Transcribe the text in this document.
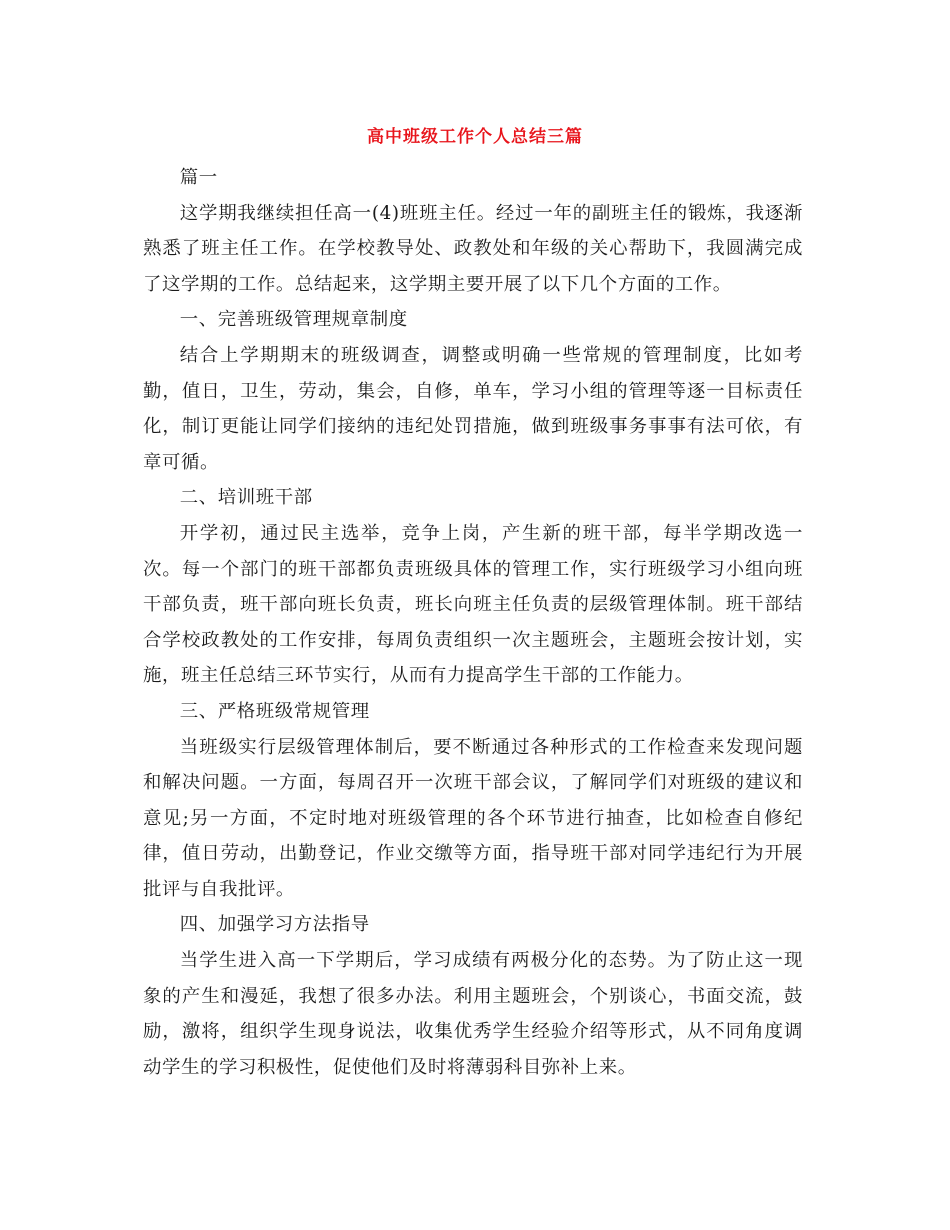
高中班级工作个人总结三篇

篇一

这学期我继续担任高一(4)班班主任。经过一年的副班主任的锻炼，我逐渐熟悉了班主任工作。在学校教导处、政教处和年级的关心帮助下，我圆满完成了这学期的工作。总结起来，这学期主要开展了以下几个方面的工作。

一、完善班级管理规章制度

结合上学期期末的班级调查，调整或明确一些常规的管理制度，比如考勤，值日，卫生，劳动，集会，自修，单车，学习小组的管理等逐一目标责任化，制订更能让同学们接纳的违纪处罚措施，做到班级事务事事有法可依，有章可循。

二、培训班干部

开学初，通过民主选举，竞争上岗，产生新的班干部，每半学期改选一次。每一个部门的班干部都负责班级具体的管理工作，实行班级学习小组向班干部负责，班干部向班长负责，班长向班主任负责的层级管理体制。班干部结合学校政教处的工作安排，每周负责组织一次主题班会，主题班会按计划，实施，班主任总结三环节实行，从而有力提高学生干部的工作能力。

三、严格班级常规管理

当班级实行层级管理体制后，要不断通过各种形式的工作检查来发现问题和解决问题。一方面，每周召开一次班干部会议，了解同学们对班级的建议和意见;另一方面，不定时地对班级管理的各个环节进行抽查，比如检查自修纪律，值日劳动，出勤登记，作业交缴等方面，指导班干部对同学违纪行为开展批评与自我批评。

四、加强学习方法指导

当学生进入高一下学期后，学习成绩有两极分化的态势。为了防止这一现象的产生和漫延，我想了很多办法。利用主题班会，个别谈心，书面交流，鼓励，激将，组织学生现身说法，收集优秀学生经验介绍等形式，从不同角度调动学生的学习积极性，促使他们及时将薄弱科目弥补上来。
